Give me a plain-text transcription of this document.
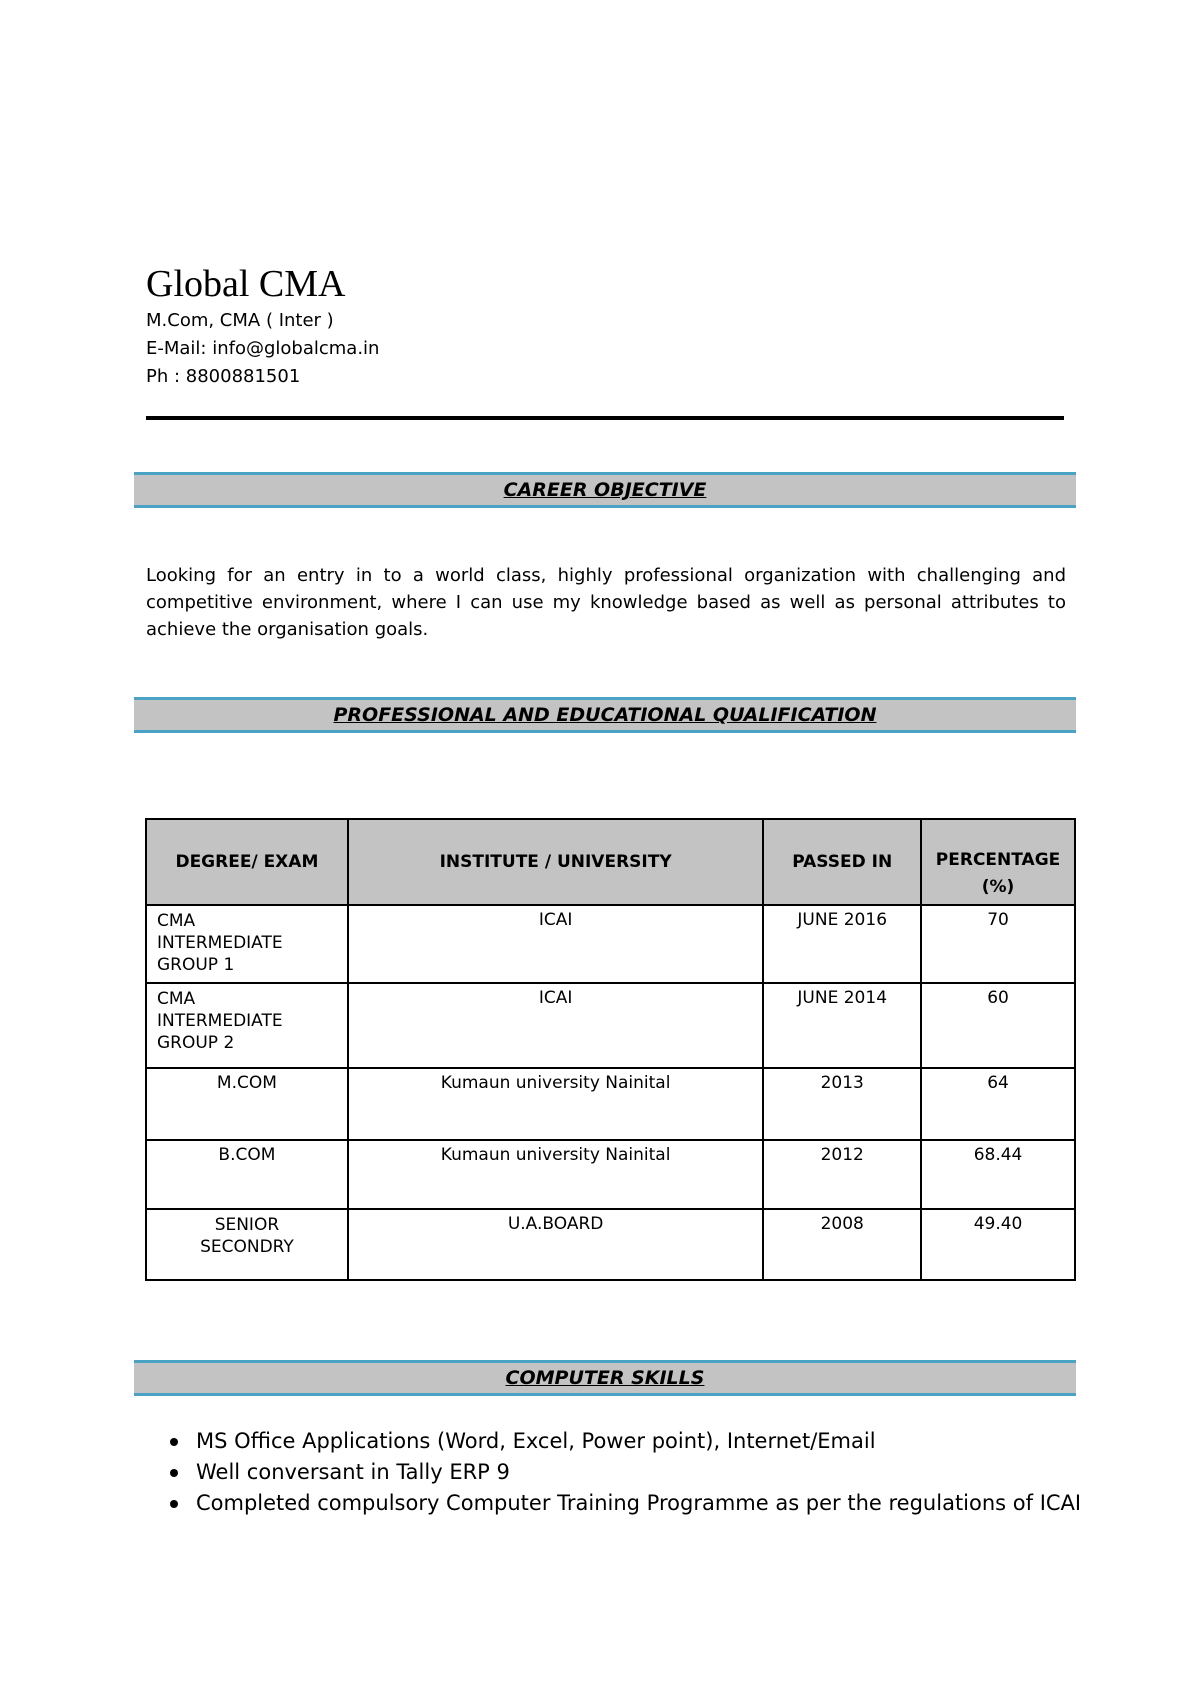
Global CMA
M.Com, CMA ( Inter )
E-Mail: info@globalcma.in
Ph : 8800881501
CAREER OBJECTIVE

Looking for an entry in to a world class, highly professional organization with challenging and competitive environment, where I can use my knowledge based as well as personal attributes to achieve the organisation goals.

PROFESSIONAL AND EDUCATIONAL QUALIFICATION
DEGREE/ EXAM	INSTITUTE / UNIVERSITY	PASSED IN	PERCENTAGE (%)

CMA INTERMEDIATE GROUP 1	ICAI	JUNE 2016	70

CMA INTERMEDIATE GROUP 2	ICAI	JUNE 2014	60
M.COM	Kumaun university Nainital	2013	64
B.COM	Kumaun university Nainital	2012	68.44

SENIOR SECONDRY	U.A.BOARD	2008	49.40
COMPUTER SKILLS
MS Office Applications (Word, Excel, Power point), Internet/Email
Well conversant in Tally ERP 9
Completed compulsory Computer Training Programme as per the regulations of ICAI
